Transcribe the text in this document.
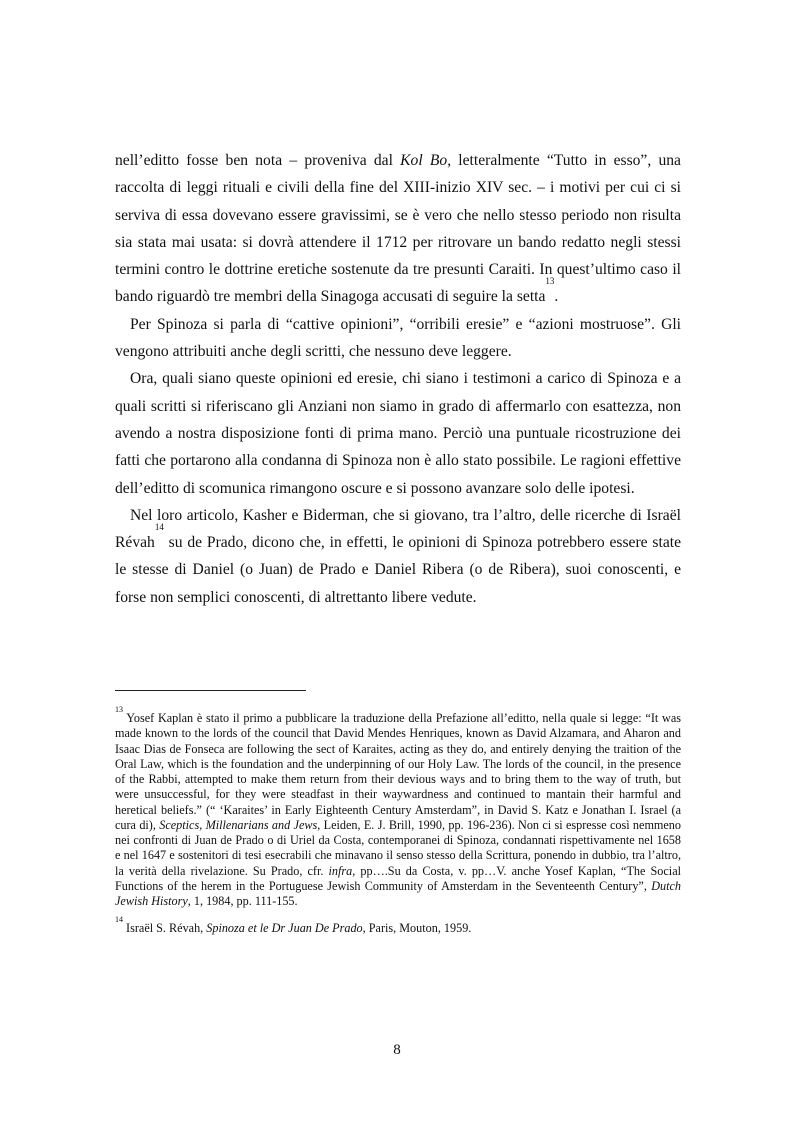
nell’editto fosse ben nota – proveniva dal Kol Bo, letteralmente “Tutto in esso”, una raccolta di leggi rituali e civili della fine del XIII-inizio XIV sec. – i motivi per cui ci si serviva di essa dovevano essere gravissimi, se è vero che nello stesso periodo non risulta sia stata mai usata: si dovrà attendere il 1712 per ritrovare un bando redatto negli stessi termini contro le dottrine eretiche sostenute da tre presunti Caraiti. In quest’ultimo caso il bando riguardò tre membri della Sinagoga accusati di seguire la setta$^{13}$.

Per Spinoza si parla di “cattive opinioni”, “orribili eresie” e “azioni mostruose”. Gli vengono attribuiti anche degli scritti, che nessuno deve leggere.

Ora, quali siano queste opinioni ed eresie, chi siano i testimoni a carico di Spinoza e a quali scritti si riferiscano gli Anziani non siamo in grado di affermarlo con esattezza, non avendo a nostra disposizione fonti di prima mano. Perciò una puntuale ricostruzione dei fatti che portarono alla condanna di Spinoza non è allo stato possibile. Le ragioni effettive dell’editto di scomunica rimangono oscure e si possono avanzare solo delle ipotesi.

Nel loro articolo, Kasher e Biderman, che si giovano, tra l’altro, delle ricerche di Israël Révah$^{14}$ su de Prado, dicono che, in effetti, le opinioni di Spinoza potrebbero essere state le stesse di Daniel (o Juan) de Prado e Daniel Ribera (o de Ribera), suoi conoscenti, e forse non semplici conoscenti, di altrettanto libere vedute.

$^{13}$ Yosef Kaplan è stato il primo a pubblicare la traduzione della Prefazione all’editto, nella quale si legge: “It was made known to the lords of the council that David Mendes Henriques, known as David Alzamara, and Aharon and Isaac Dias de Fonseca are following the sect of Karaites, acting as they do, and entirely denying the traition of the Oral Law, which is the foundation and the underpinning of our Holy Law. The lords of the council, in the presence of the Rabbi, attempted to make them return from their devious ways and to bring them to the way of truth, but were unsuccessful, for they were steadfast in their waywardness and continued to mantain their harmful and heretical beliefs.” (“ ‘Karaites’ in Early Eighteenth Century Amsterdam”, in David S. Katz e Jonathan I. Israel (a cura di), Sceptics, Millenarians and Jews, Leiden, E. J. Brill, 1990, pp. 196-236). Non ci si espresse così nemmeno nei confronti di Juan de Prado o di Uriel da Costa, contemporanei di Spinoza, condannati rispettivamente nel 1658 e nel 1647 e sostenitori di tesi esecrabili che minavano il senso stesso della Scrittura, ponendo in dubbio, tra l’altro, la verità della rivelazione. Su Prado, cfr. infra, pp….Su da Costa, v. pp…V. anche Yosef Kaplan, “The Social Functions of the herem in the Portuguese Jewish Community of Amsterdam in the Seventeenth Century”, Dutch Jewish History, 1, 1984, pp. 111-155.

$^{14}$ Israël S. Révah, Spinoza et le Dr Juan De Prado, Paris, Mouton, 1959.

8
